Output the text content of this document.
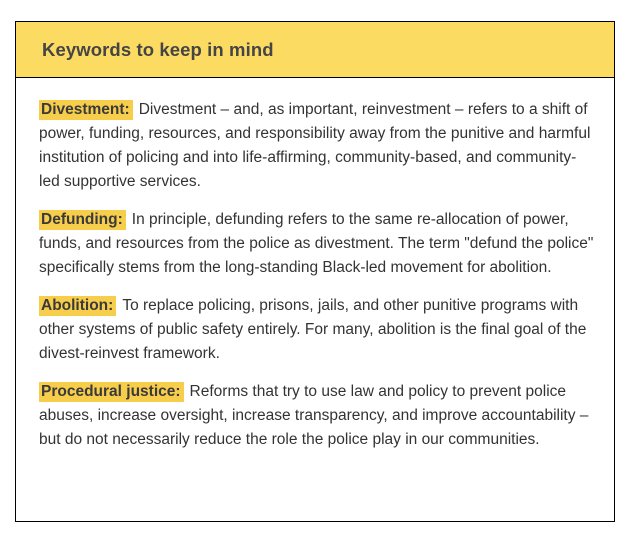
Keywords to keep in mind

Divestment: Divestment – and, as important, reinvestment – refers to a shift of power, funding, resources, and responsibility away from the punitive and harmful institution of policing and into life-affirming, community-based, and community-led supportive services.

Defunding: In principle, defunding refers to the same re-allocation of power, funds, and resources from the police as divestment. The term "defund the police" specifically stems from the long-standing Black-led movement for abolition.

Abolition: To replace policing, prisons, jails, and other punitive programs with other systems of public safety entirely. For many, abolition is the final goal of the divest-reinvest framework.

Procedural justice: Reforms that try to use law and policy to prevent police abuses, increase oversight, increase transparency, and improve accountability – but do not necessarily reduce the role the police play in our communities.
